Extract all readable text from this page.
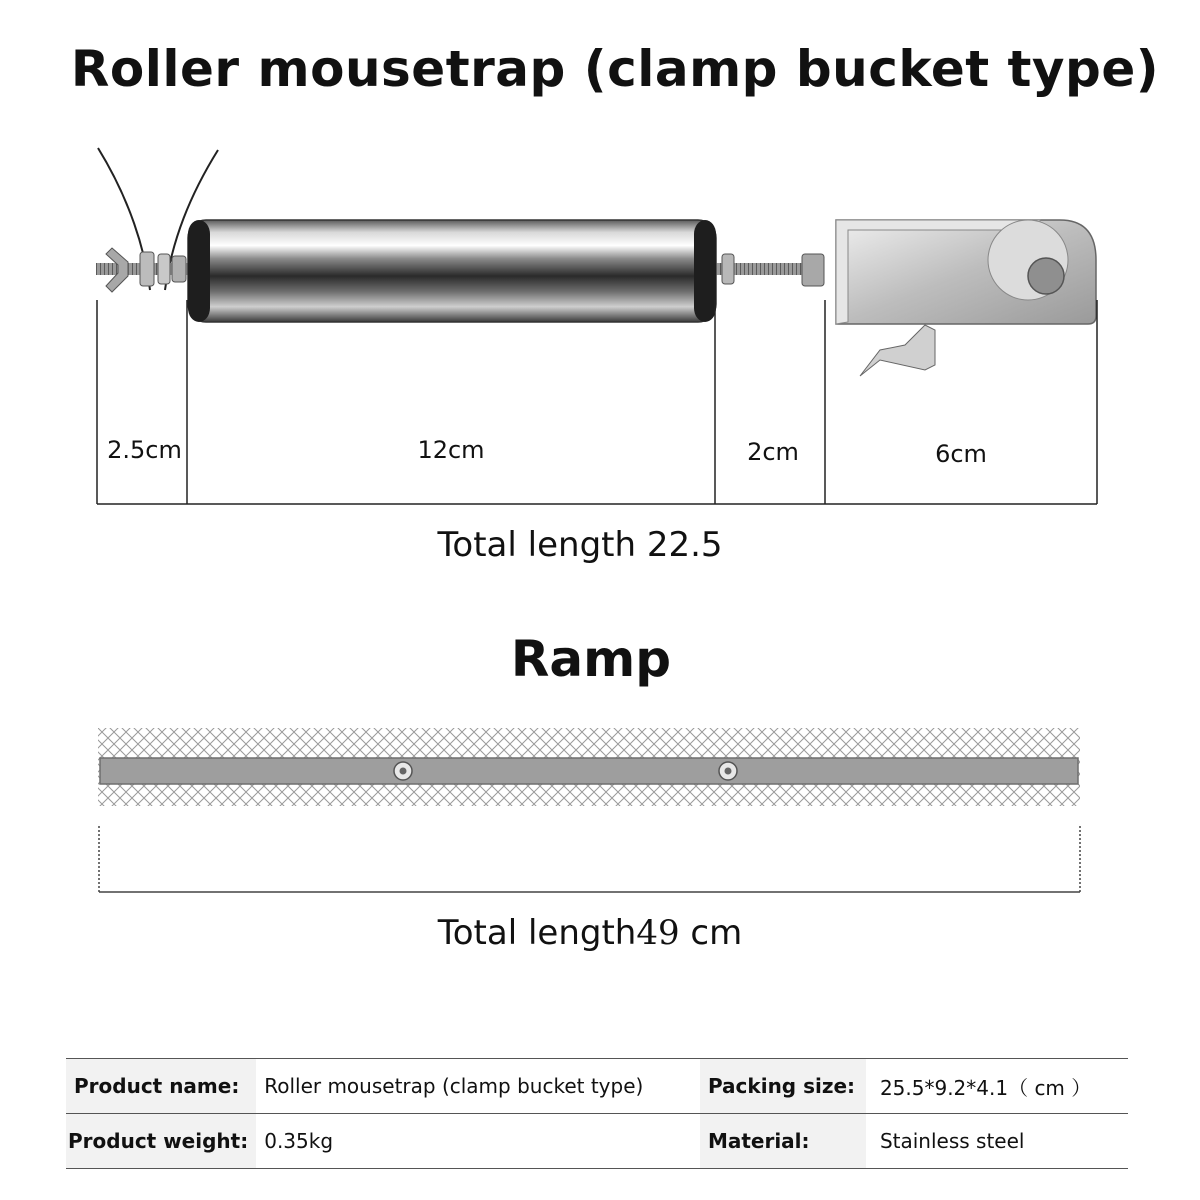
Roller mousetrap (clamp bucket type)
2.5cm	12cm	2cm	6cm
Total length 22.5
Ramp
Total length49 cm
Product name:	Roller mousetrap (clamp bucket type)	Packing size:	25.5*9.2*4.1（ cm ）
Product weight:	0.35kg	Material:	Stainless steel
